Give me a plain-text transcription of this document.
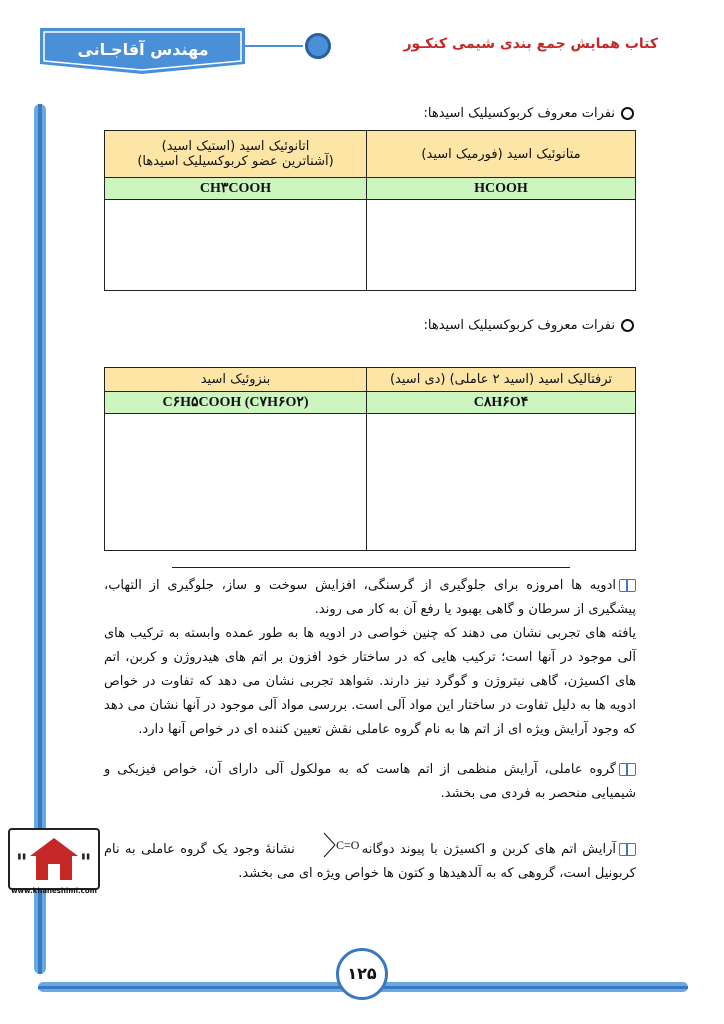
مهندس آقاجـانی	کتاب همایش جمع بندی شیمی کنکـور
نفرات معروف کربوکسیلیک اسیدها:
متانوئیک اسید (فورمیک اسید)	اتانوئیک اسید (استیک اسید)
(آشناترین عضو کربوکسیلیک اسیدها)

HCOOH	CH۳COOH

نفرات معروف کربوکسیلیک اسیدها:
ترفتالیک اسید (اسید ۲ عاملی) (دی اسید)	بنزوئیک اسید
C۸H۶O۴	C۶H۵COOH (C۷H۶O۲)

ادویه ها امروزه برای جلوگیری از گرسنگی، افزایش سوخت و ساز، جلوگیری از التهاب، پیشگیری از سرطان و گاهی بهبود یا رفع آن به کار می روند.
یافته های تجربی نشان می دهند که چنین خواصی در ادویه ها به طور عمده وابسته به ترکیب های آلی موجود در آنها است؛ ترکیب هایی که در ساختار خود افزون بر اتم های هیدروژن و کربن، اتم های اکسیژن، گاهی نیتروژن و گوگرد نیز دارند. شواهد تجربی نشان می دهد که تفاوت در خواص ادویه ها به دلیل تفاوت در ساختار این مواد آلی است. بررسی مواد آلی موجود در آنها نشان می دهد که وجود آرایش ویژه ای از اتم ها به نام گروه عاملی نقش تعیین کننده ای در خواص آنها دارد.
گروه عاملی، آرایش منظمی از اتم هاست که به مولکول آلی دارای آن، خواص فیزیکی و شیمیایی منحصر به فردی می بخشد.
آرایش اتم های کربن و اکسیژن با پیوند دوگانه  نشانهٔ وجود یک گروه عاملی به نام کربونیل است، گروهی که به آلدهیدها و کتون ها خواص ویژه ای می بخشد.
C=O
" "
www.khaneshimi.com
۱۲۵
